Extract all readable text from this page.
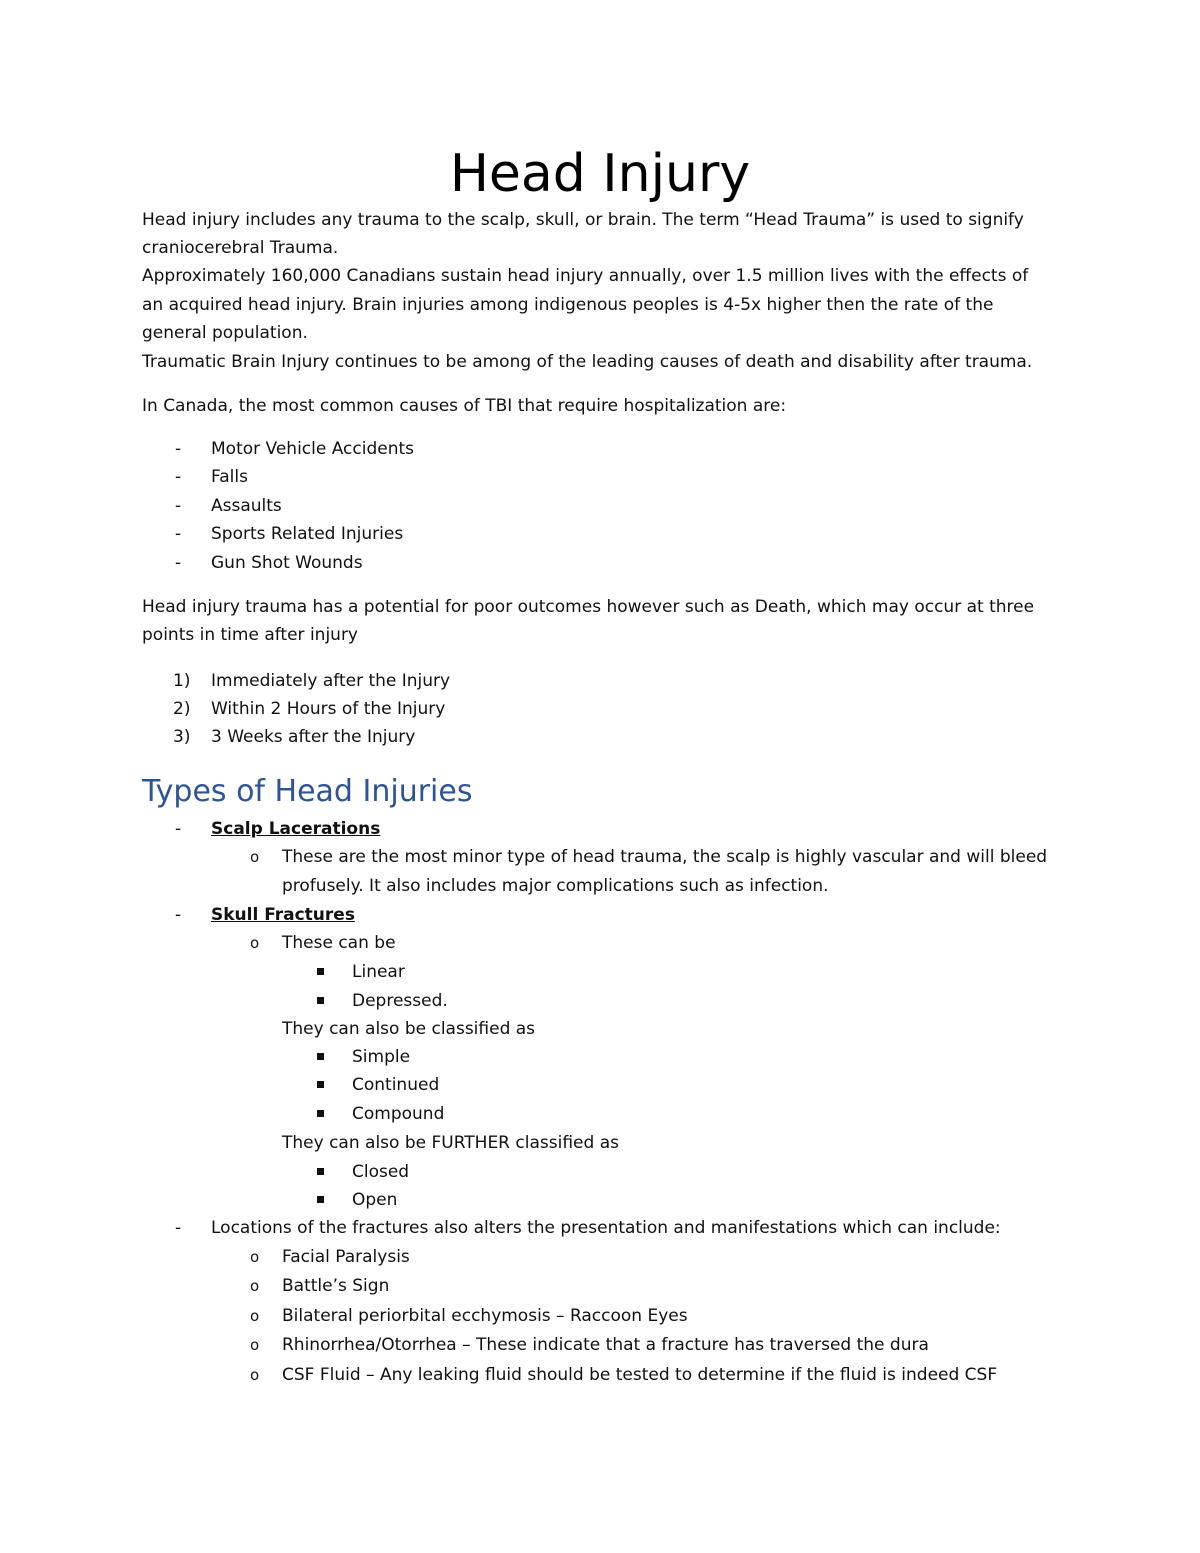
Head Injury
Head injury includes any trauma to the scalp, skull, or brain. The term “Head Trauma” is used to signify
craniocerebral Trauma.
Approximately 160,000 Canadians sustain head injury annually, over 1.5 million lives with the effects of
an acquired head injury. Brain injuries among indigenous peoples is 4-5x higher then the rate of the
general population.
Traumatic Brain Injury continues to be among of the leading causes of death and disability after trauma.
In Canada, the most common causes of TBI that require hospitalization are:
- Motor Vehicle Accidents
- Falls
- Assaults
- Sports Related Injuries
- Gun Shot Wounds
Head injury trauma has a potential for poor outcomes however such as Death, which may occur at three
points in time after injury
1) Immediately after the Injury
2) Within 2 Hours of the Injury
3) 3 Weeks after the Injury
Types of Head Injuries
- Scalp Lacerations
o These are the most minor type of head trauma, the scalp is highly vascular and will bleed
profusely. It also includes major complications such as infection.
- Skull Fractures
o These can be
Linear
Depressed.
They can also be classified as
Simple
Continued
Compound
They can also be FURTHER classified as
Closed
Open
- Locations of the fractures also alters the presentation and manifestations which can include:
o Facial Paralysis
o Battle’s Sign
o Bilateral periorbital ecchymosis – Raccoon Eyes
o Rhinorrhea/Otorrhea – These indicate that a fracture has traversed the dura
o CSF Fluid – Any leaking fluid should be tested to determine if the fluid is indeed CSF
